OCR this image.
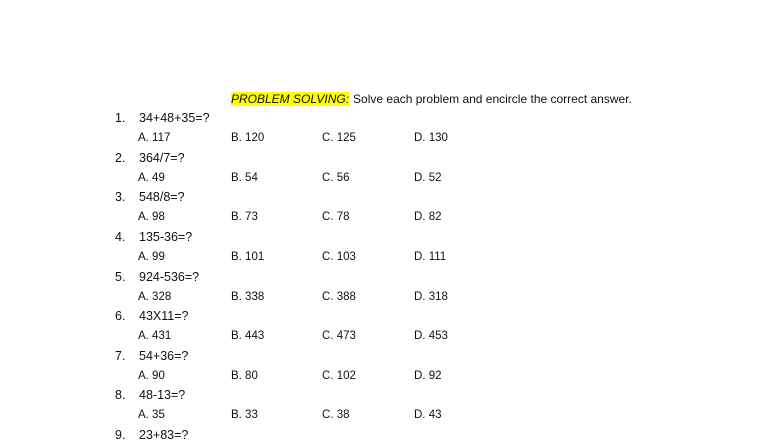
PROBLEM SOLVING: Solve each problem and encircle the correct answer.
1. 34+48+35=?
A. 117	B. 120	C. 125	D. 130
2. 364/7=?
A. 49	B. 54	C. 56	D. 52
3. 548/8=?
A. 98	B. 73	C. 78	D. 82
4. 135-36=?
A. 99	B. 101	C. 103	D. 111
5. 924-536=?
A. 328	B. 338	C. 388	D. 318
6. 43X11=?
A. 431	B. 443	C. 473	D. 453
7. 54+36=?
A. 90	B. 80	C. 102	D. 92
8. 48-13=?
A. 35	B. 33	C. 38	D. 43
9. 23+83=?
